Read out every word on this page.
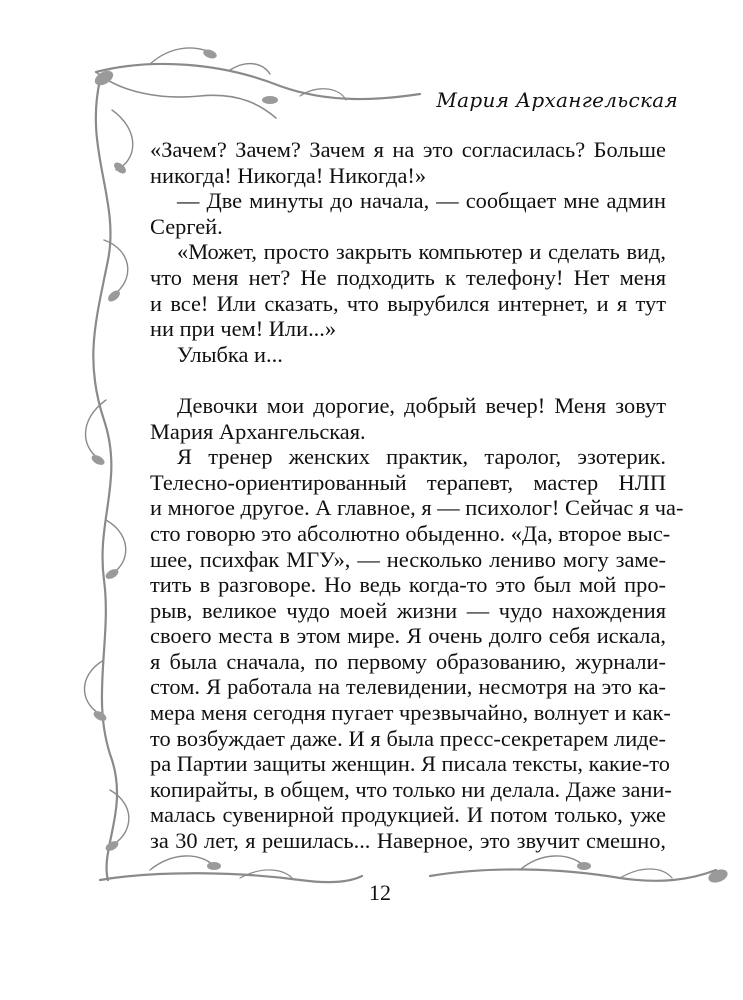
Мария Архангельская
«Зачем? Зачем? Зачем я на это согласилась? Больше
никогда! Никогда! Никогда!»
— Две минуты до начала, — сообщает мне админ
Сергей.
«Может, просто закрыть компьютер и сделать вид,
что меня нет? Не подходить к телефону! Нет меня
и все! Или сказать, что вырубился интернет, и я тут
ни при чем! Или...»
Улыбка и...
Девочки мои дорогие, добрый вечер! Меня зовут
Мария Архангельская.
Я тренер женских практик, таролог, эзотерик.
Телесно-ориентированный терапевт, мастер НЛП
и многое другое. А главное, я — психолог! Сейчас я ча-
сто говорю это абсолютно обыденно. «Да, второе выс-
шее, психфак МГУ», — несколько лениво могу заме-
тить в разговоре. Но ведь когда-то это был мой про-
рыв, великое чудо моей жизни — чудо нахождения
своего места в этом мире. Я очень долго себя искала,
я была сначала, по первому образованию, журнали-
стом. Я работала на телевидении, несмотря на это ка-
мера меня сегодня пугает чрезвычайно, волнует и как-
то возбуждает даже. И я была пресс-секретарем лиде-
ра Партии защиты женщин. Я писала тексты, какие-то
копирайты, в общем, что только ни делала. Даже зани-
малась сувенирной продукцией. И потом только, уже
за 30 лет, я решилась... Наверное, это звучит смешно,
12
